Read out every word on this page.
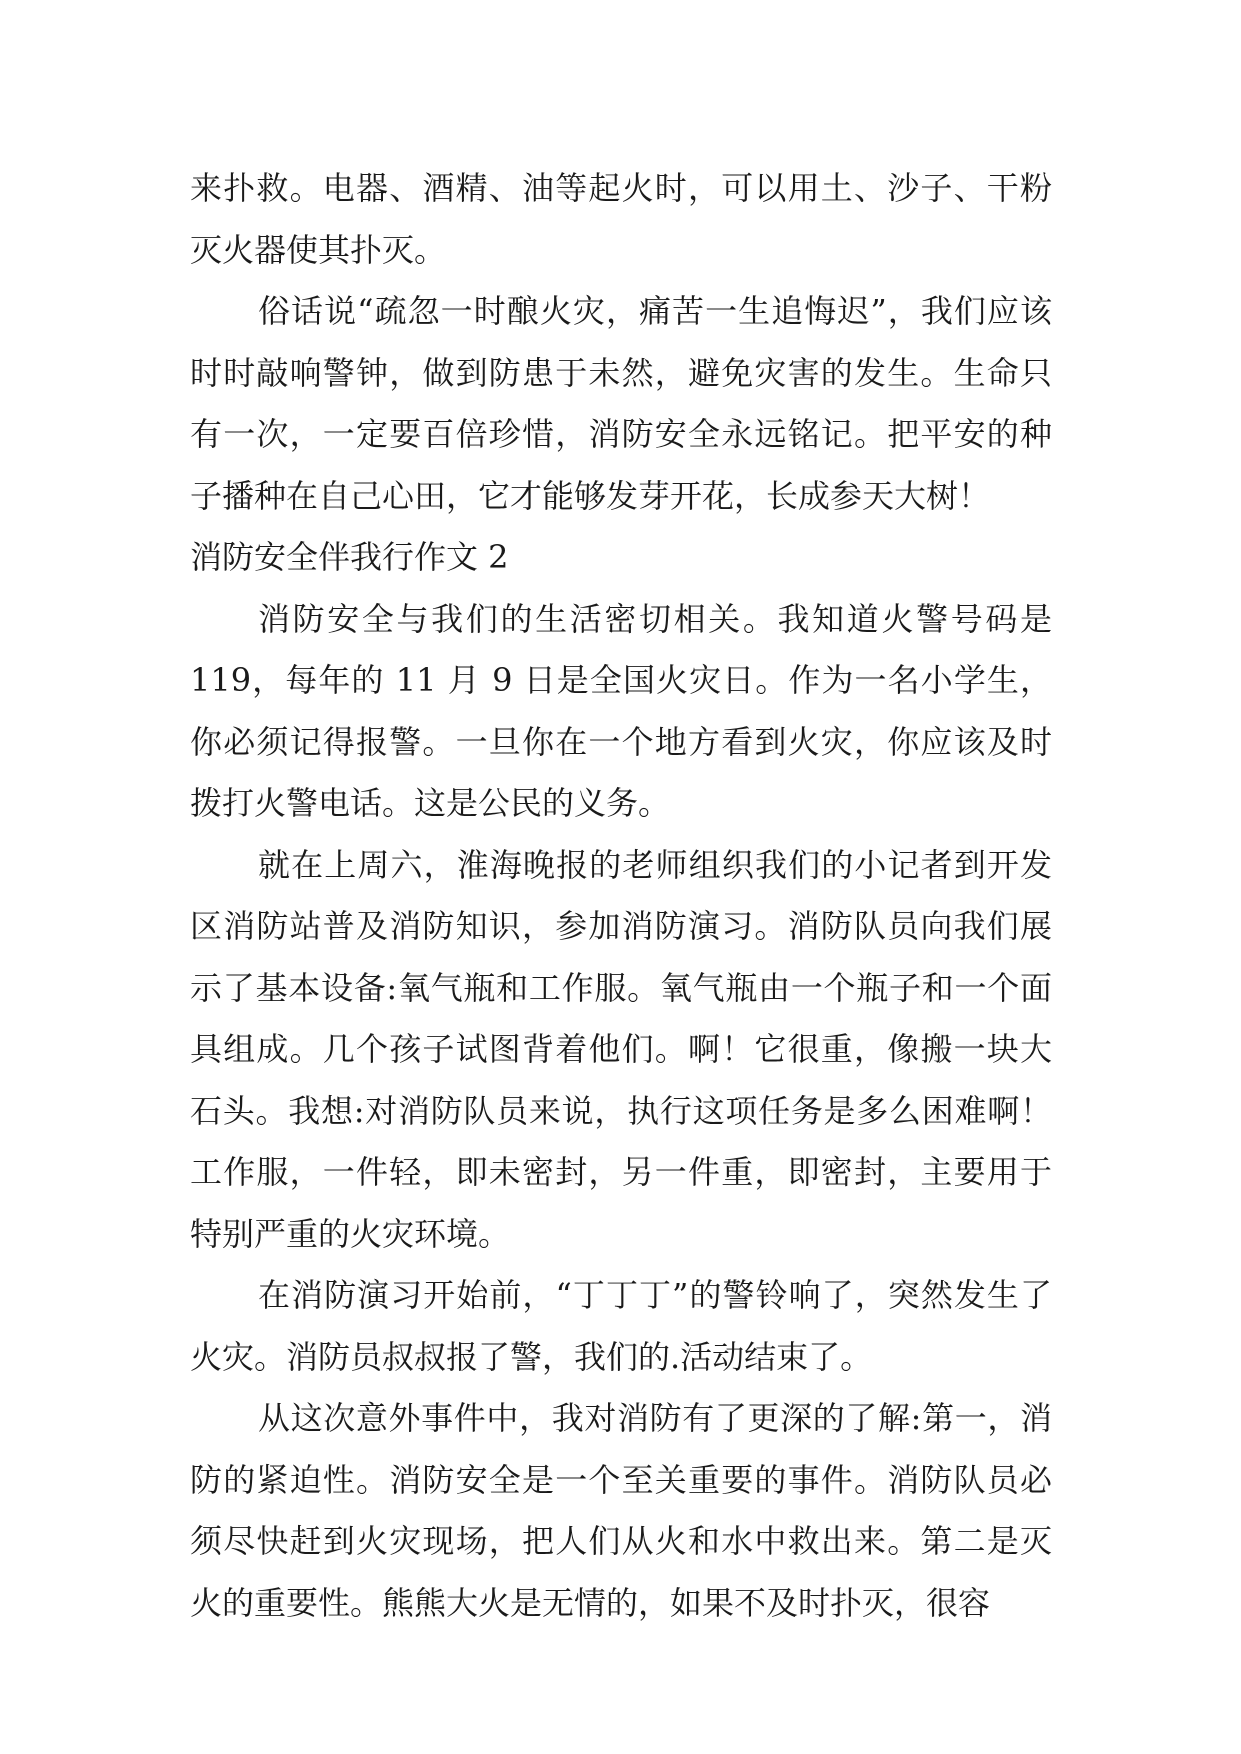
来扑救。电器、酒精、油等起火时，可以用土、沙子、干粉灭火器使其扑灭。

俗话说“疏忽一时酿火灾，痛苦一生追悔迟”，我们应该时时敲响警钟，做到防患于未然，避免灾害的发生。生命只有一次，一定要百倍珍惜，消防安全永远铭记。把平安的种子播种在自己心田，它才能够发芽开花，长成参天大树！

消防安全伴我行作文 2

消防安全与我们的生活密切相关。我知道火警号码是119，每年的 11 月 9 日是全国火灾日。作为一名小学生，你必须记得报警。一旦你在一个地方看到火灾，你应该及时拨打火警电话。这是公民的义务。

就在上周六，淮海晚报的老师组织我们的小记者到开发区消防站普及消防知识，参加消防演习。消防队员向我们展示了基本设备:氧气瓶和工作服。氧气瓶由一个瓶子和一个面具组成。几个孩子试图背着他们。啊！它很重，像搬一块大石头。我想:对消防队员来说，执行这项任务是多么困难啊！工作服，一件轻，即未密封，另一件重，即密封，主要用于特别严重的火灾环境。

在消防演习开始前，“丁丁丁”的警铃响了，突然发生了火灾。消防员叔叔报了警，我们的.活动结束了。

从这次意外事件中，我对消防有了更深的了解:第一，消防的紧迫性。消防安全是一个至关重要的事件。消防队员必须尽快赶到火灾现场，把人们从火和水中救出来。第二是灭火的重要性。熊熊大火是无情的，如果不及时扑灭，很容
